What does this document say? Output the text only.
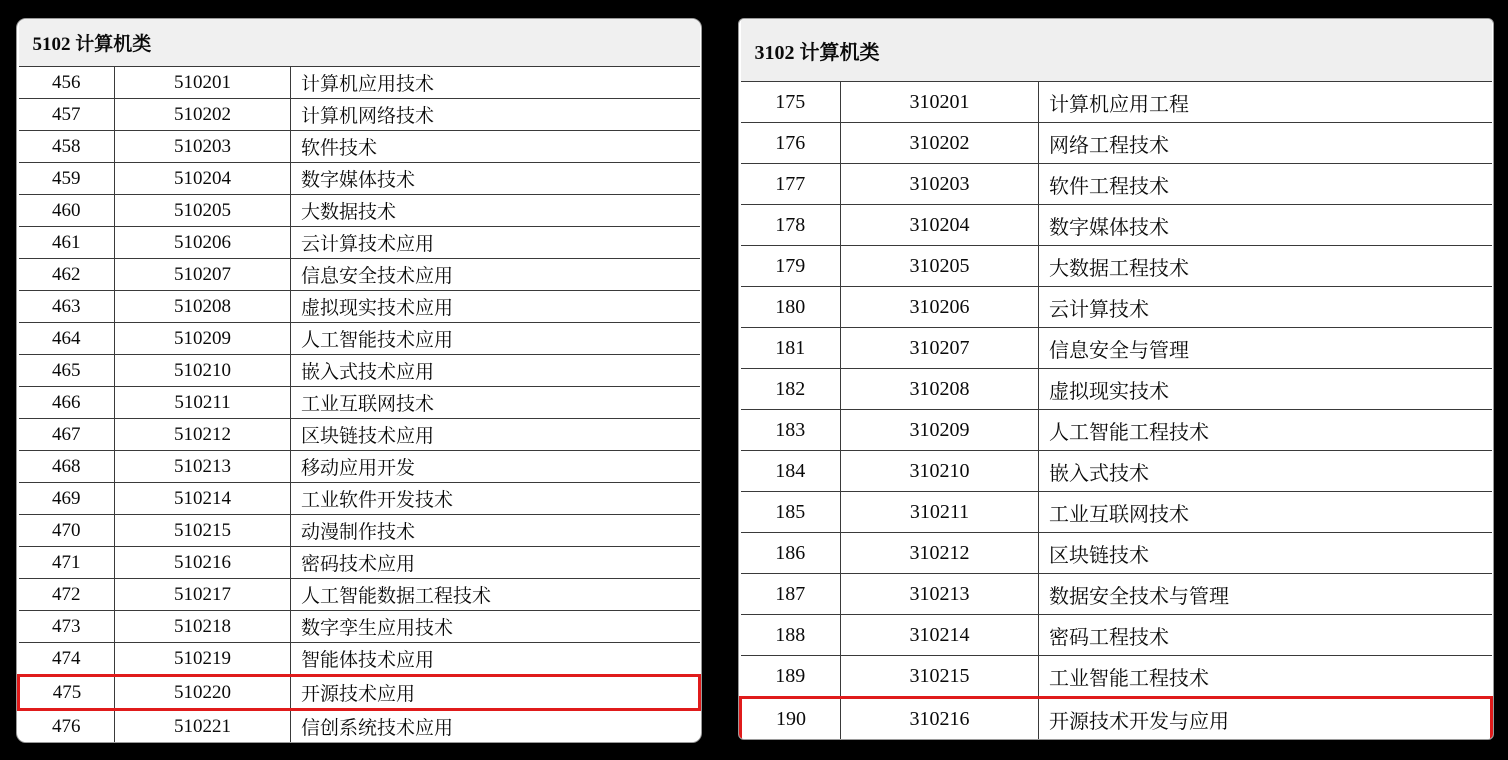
5102 计算机类		
456	510201	计算机应用技术
457	510202	计算机网络技术
458	510203	软件技术
459	510204	数字媒体技术
460	510205	大数据技术
461	510206	云计算技术应用
462	510207	信息安全技术应用
463	510208	虚拟现实技术应用
464	510209	人工智能技术应用
465	510210	嵌入式技术应用
466	510211	工业互联网技术
467	510212	区块链技术应用
468	510213	移动应用开发
469	510214	工业软件开发技术
470	510215	动漫制作技术
471	510216	密码技术应用
472	510217	人工智能数据工程技术
473	510218	数字孪生应用技术
474	510219	智能体技术应用
475	510220	开源技术应用
476	510221	信创系统技术应用
3102 计算机类		
175	310201	计算机应用工程
176	310202	网络工程技术
177	310203	软件工程技术
178	310204	数字媒体技术
179	310205	大数据工程技术
180	310206	云计算技术
181	310207	信息安全与管理
182	310208	虚拟现实技术
183	310209	人工智能工程技术
184	310210	嵌入式技术
185	310211	工业互联网技术
186	310212	区块链技术
187	310213	数据安全技术与管理
188	310214	密码工程技术
189	310215	工业智能工程技术
190	310216	开源技术开发与应用
